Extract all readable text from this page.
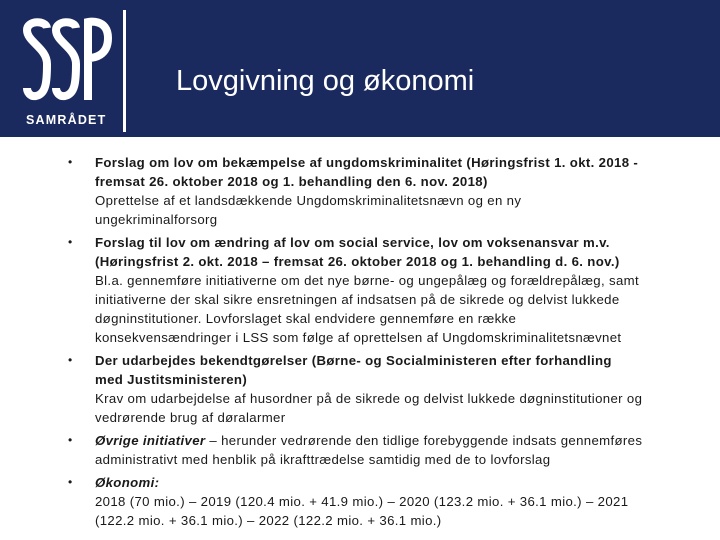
SAMRÅDET
Lovgivning og økonomi
• Forslag om lov om bekæmpelse af ungdomskriminalitet (Høringsfrist 1. okt. 2018 -
fremsat 26. oktober 2018 og 1. behandling den 6. nov. 2018)
Oprettelse af et landsdækkende Ungdomskriminalitetsnævn og en ny
ungekriminalforsorg
• Forslag til lov om ændring af lov om social service, lov om voksenansvar m.v.
(Høringsfrist 2. okt. 2018 – fremsat 26. oktober 2018 og 1. behandling d. 6. nov.)
Bl.a. gennemføre initiativerne om det nye børne- og ungepålæg og forældrepålæg, samt
initiativerne der skal sikre ensretningen af indsatsen på de sikrede og delvist lukkede
døgninstitutioner. Lovforslaget skal endvidere gennemføre en række
konsekvensændringer i LSS som følge af oprettelsen af Ungdomskriminalitetsnævnet
• Der udarbejdes bekendtgørelser (Børne- og Socialministeren efter forhandling
med Justitsministeren)
Krav om udarbejdelse af husordner på de sikrede og delvist lukkede døgninstitutioner og
vedrørende brug af døralarmer
• Øvrige initiativer – herunder vedrørende den tidlige forebyggende indsats gennemføres
administrativt med henblik på ikrafttrædelse samtidig med de to lovforslag
• Økonomi:
2018 (70 mio.) – 2019 (120.4 mio. + 41.9 mio.) – 2020 (123.2 mio. + 36.1 mio.) – 2021
(122.2 mio. + 36.1 mio.) – 2022 (122.2 mio. + 36.1 mio.)
